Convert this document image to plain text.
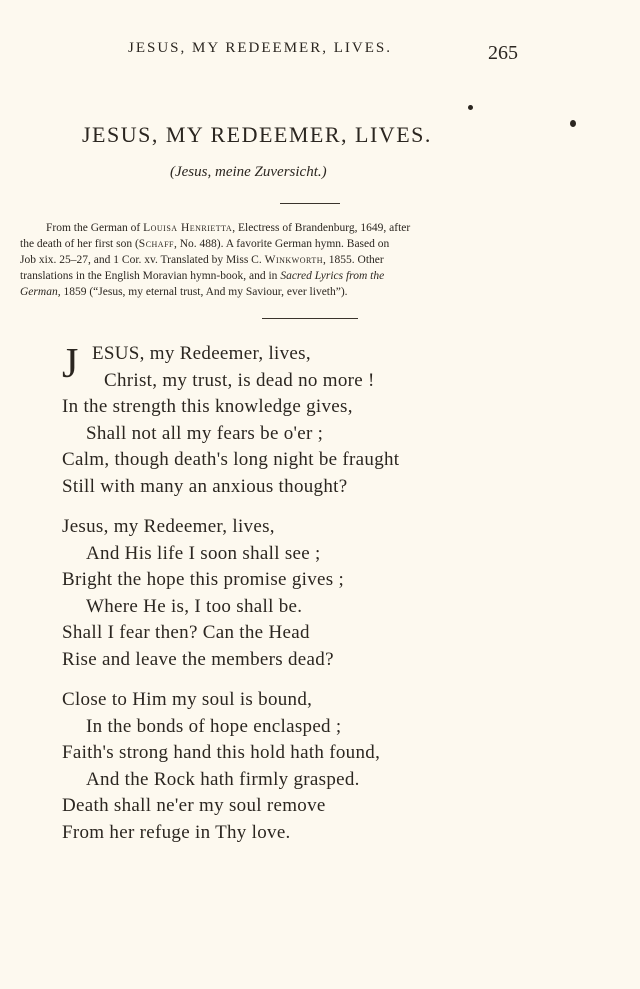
JESUS, MY REDEEMER, LIVES.	265
JESUS, MY REDEEMER, LIVES.
(Jesus, meine Zuversicht.)

From the German of Louisa Henrietta, Electress of Brandenburg, 1649, after

the death of her first son (Schaff, No. 488). A favorite German hymn. Based on

Job xix. 25–27, and 1 Cor. xv. Translated by Miss C. Winkworth, 1855. Other

translations in the English Moravian hymn-book, and in Sacred Lyrics from the

German, 1859 (“Jesus, my eternal trust, And my Saviour, ever liveth”).

J ESUS, my Redeemer, lives,
Christ, my trust, is dead no more !
In the strength this knowledge gives,
Shall not all my fears be o'er ;
Calm, though death's long night be fraught
Still with many an anxious thought?
Jesus, my Redeemer, lives,
And His life I soon shall see ;
Bright the hope this promise gives ;
Where He is, I too shall be.
Shall I fear then? Can the Head
Rise and leave the members dead?
Close to Him my soul is bound,
In the bonds of hope enclasped ;
Faith's strong hand this hold hath found,
And the Rock hath firmly grasped.
Death shall ne'er my soul remove
From her refuge in Thy love.
